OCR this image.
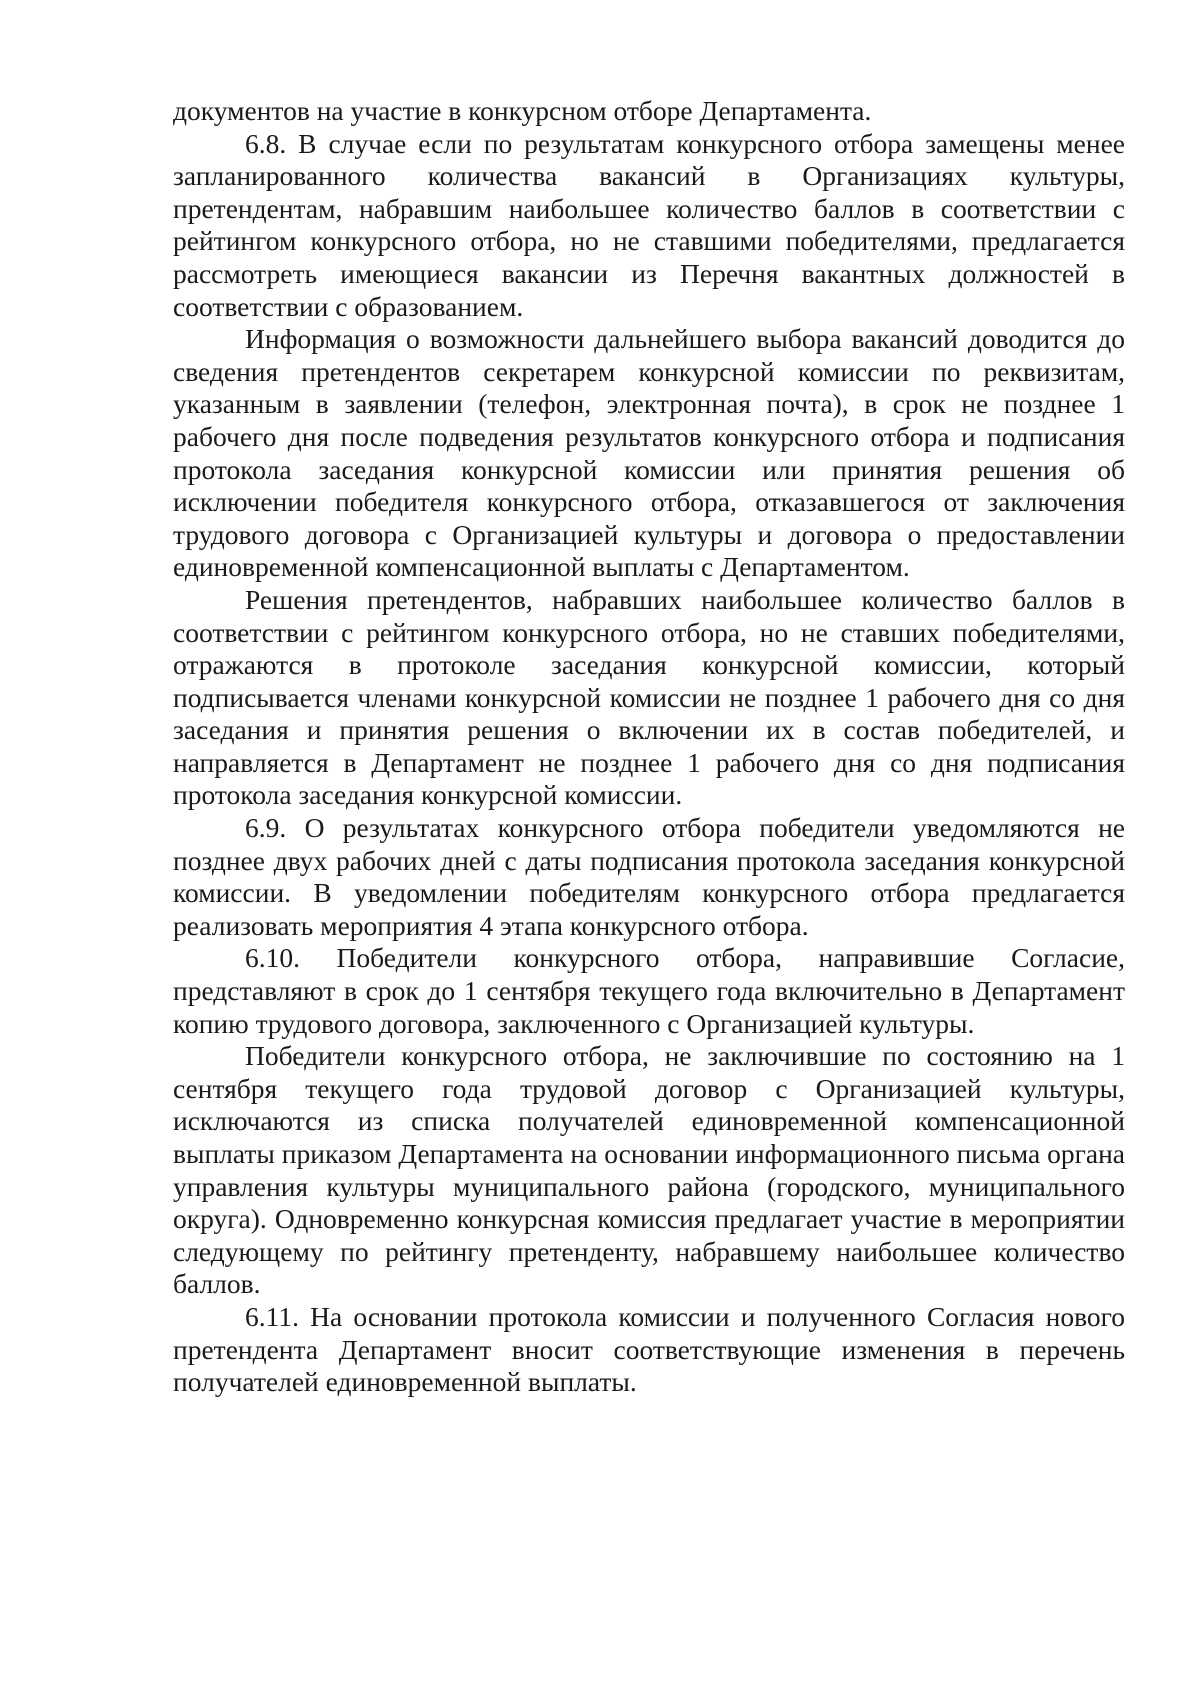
документов на участие в конкурсном отборе Департамента.

6.8. В случае если по результатам конкурсного отбора замещены менее запланированного количества вакансий в Организациях культуры, претендентам, набравшим наибольшее количество баллов в соответствии с рейтингом конкурсного отбора, но не ставшими победителями, предлагается рассмотреть имеющиеся вакансии из Перечня вакантных должностей в соответствии с образованием.

Информация о возможности дальнейшего выбора вакансий доводится до сведения претендентов секретарем конкурсной комиссии по реквизитам, указанным в заявлении (телефон, электронная почта), в срок не позднее 1 рабочего дня после подведения результатов конкурсного отбора и подписания протокола заседания конкурсной комиссии или принятия решения об исключении победителя конкурсного отбора, отказавшегося от заключения трудового договора с Организацией культуры и договора о предоставлении единовременной компенсационной выплаты с Департаментом.

Решения претендентов, набравших наибольшее количество баллов в соответствии с рейтингом конкурсного отбора, но не ставших победителями, отражаются в протоколе заседания конкурсной комиссии, который подписывается членами конкурсной комиссии не позднее 1 рабочего дня со дня заседания и принятия решения о включении их в состав победителей, и направляется в Департамент не позднее 1 рабочего дня со дня подписания протокола заседания конкурсной комиссии.

6.9. О результатах конкурсного отбора победители уведомляются не позднее двух рабочих дней с даты подписания протокола заседания конкурсной комиссии. В уведомлении победителям конкурсного отбора предлагается реализовать мероприятия 4 этапа конкурсного отбора.

6.10. Победители конкурсного отбора, направившие Согласие, представляют в срок до 1 сентября текущего года включительно в Департамент копию трудового договора, заключенного с Организацией культуры.

Победители конкурсного отбора, не заключившие по состоянию на 1 сентября текущего года трудовой договор с Организацией культуры, исключаются из списка получателей единовременной компенсационной выплаты приказом Департамента на основании информационного письма органа управления культуры муниципального района (городского, муниципального округа). Одновременно конкурсная комиссия предлагает участие в мероприятии следующему по рейтингу претенденту, набравшему наибольшее количество баллов.

6.11. На основании протокола комиссии и полученного Согласия нового претендента Департамент вносит соответствующие изменения в перечень получателей единовременной выплаты.
